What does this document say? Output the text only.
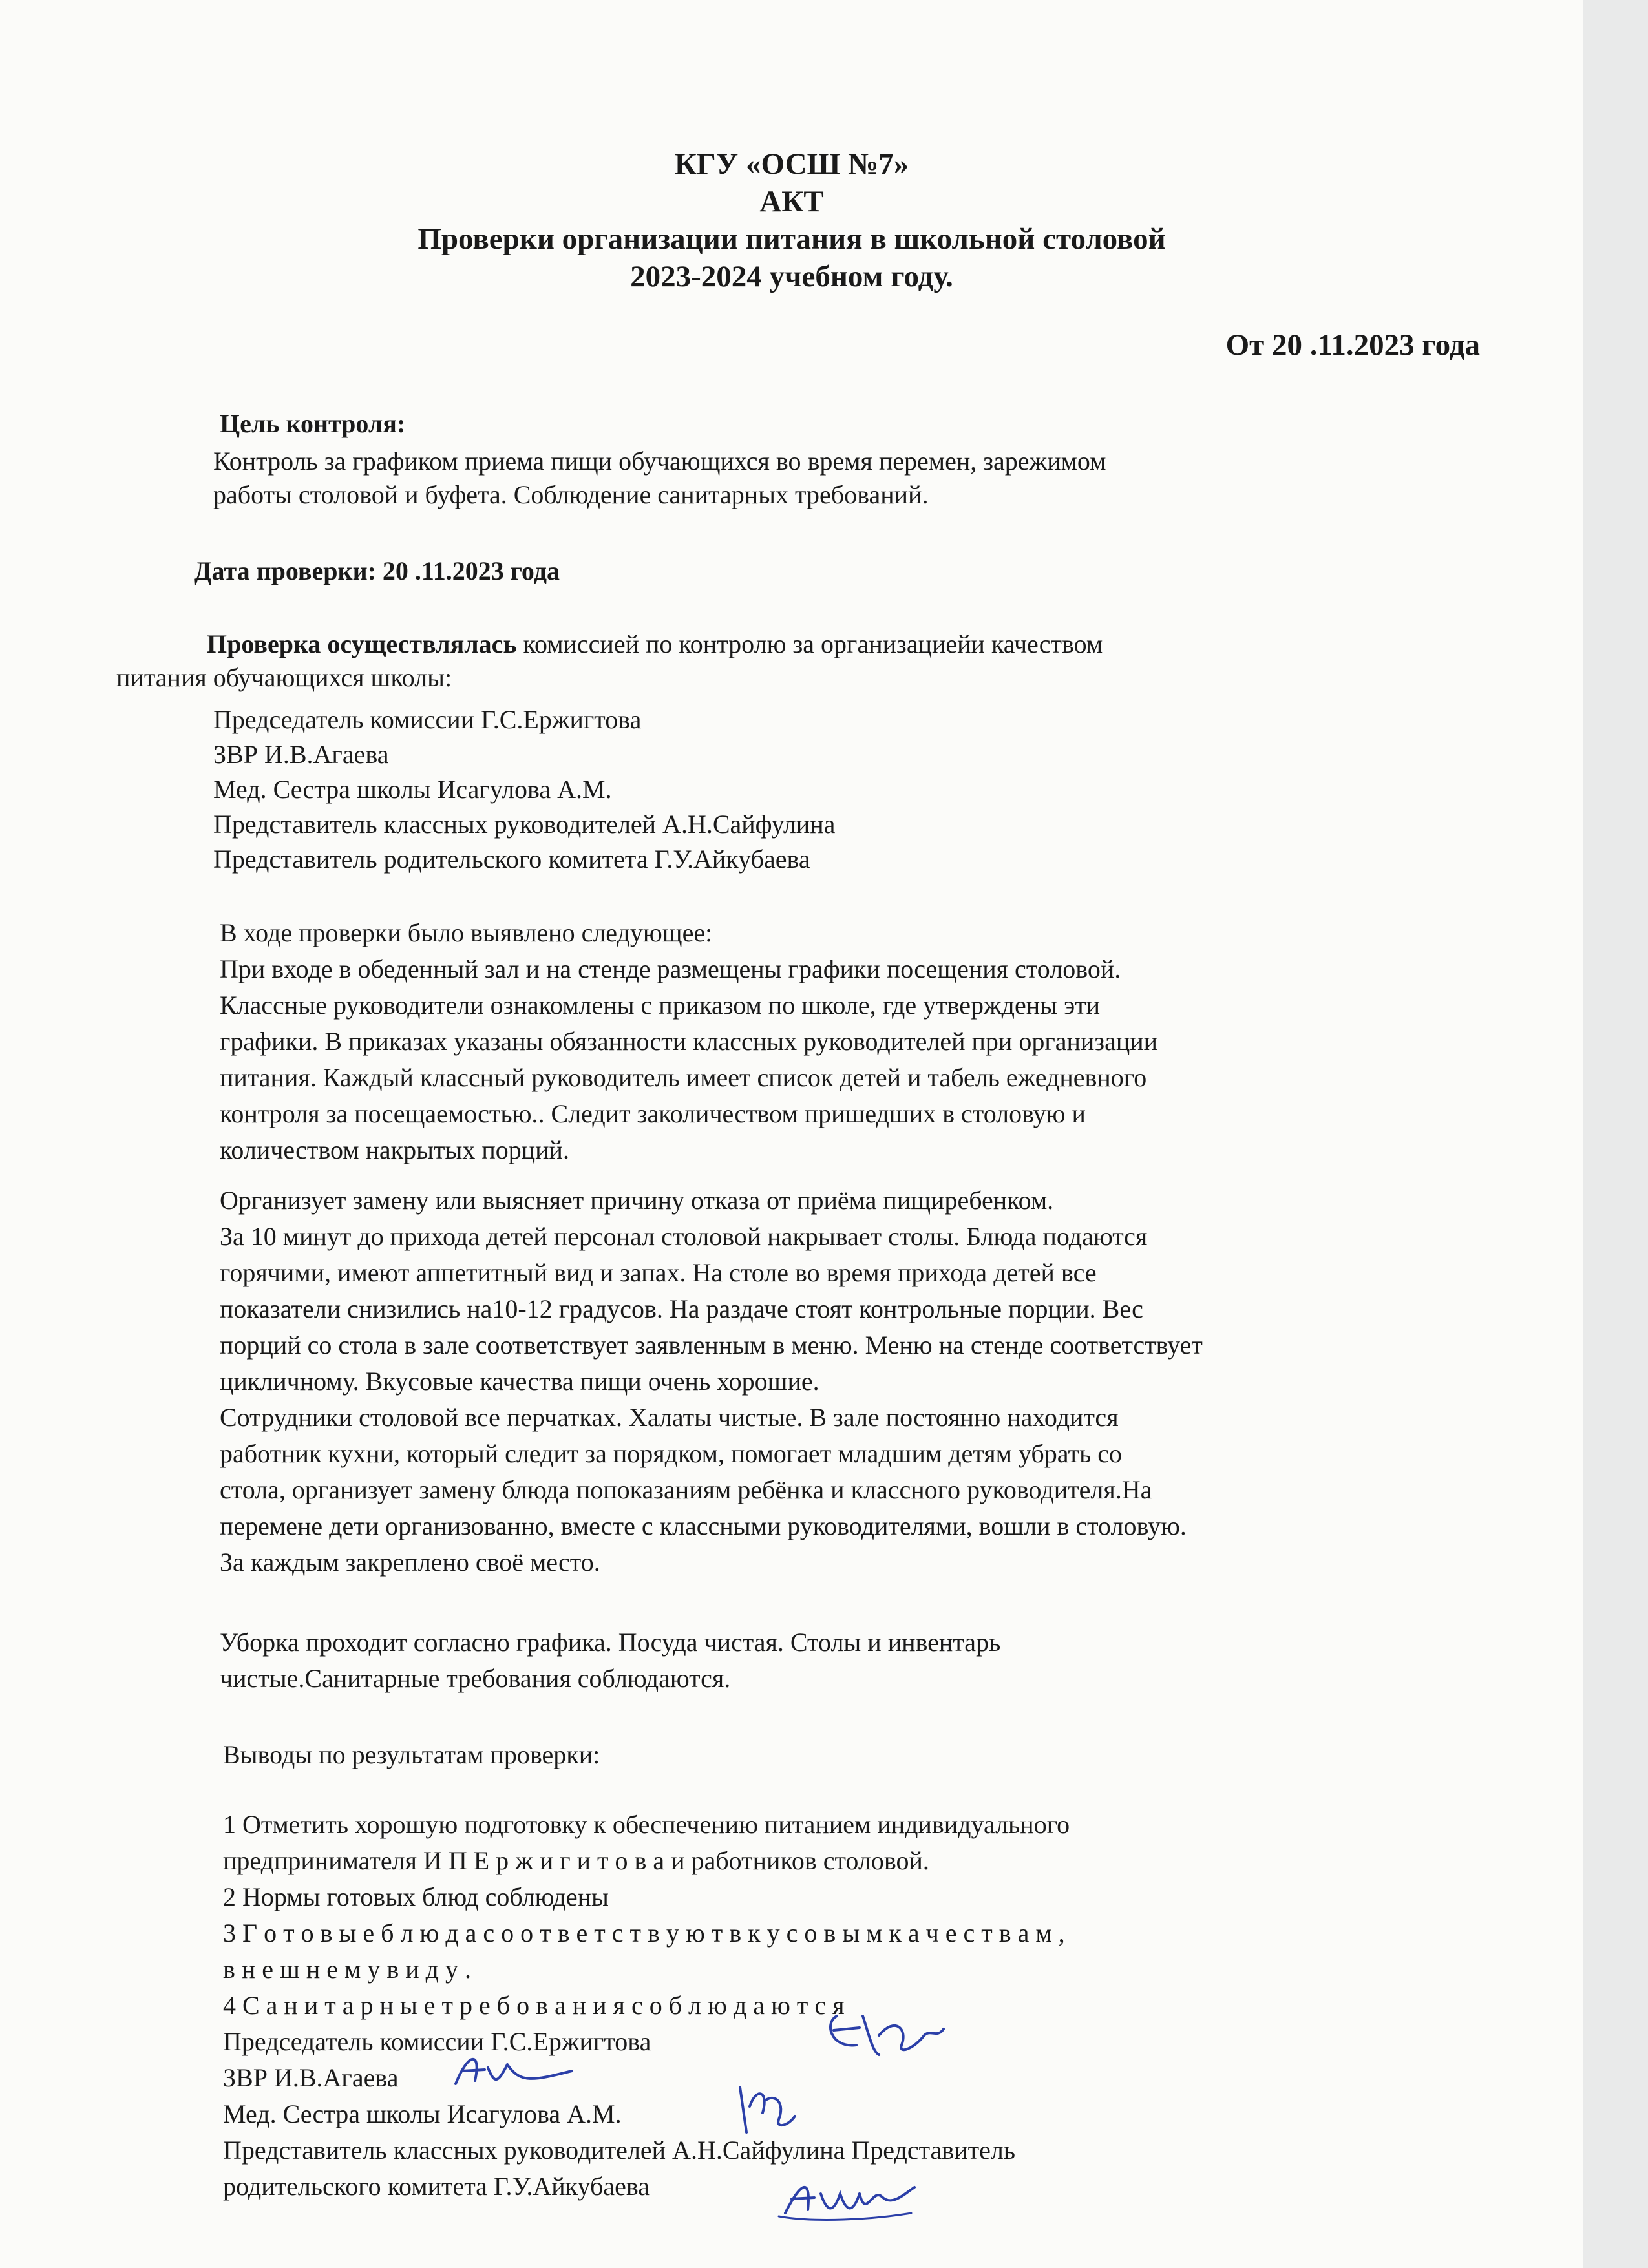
КГУ «ОСШ №7»

АКТ

Проверки организации питания в школьной столовой

2023-2024 учебном году.

От 20 .11.2023 года
Цель контроля:
Контроль за графиком приема пищи обучающихся во время перемен, зарежимом
работы столовой и буфета. Соблюдение санитарных требований.
Дата проверки: 20 .11.2023 года
Проверка осуществлялась комиссией по контролю за организациейи качеством
питания обучающихся школы:
Председатель комиссии Г.С.Ержигтова
ЗВР И.В.Агаева
Мед. Сестра школы Исагулова А.М.
Представитель классных руководителей А.Н.Сайфулина
Представитель родительского комитета Г.У.Айкубаева
В ходе проверки было выявлено следующее:
При входе в обеденный зал и на стенде размещены графики посещения столовой.
Классные руководители ознакомлены с приказом по школе, где утверждены эти
графики. В приказах указаны обязанности классных руководителей при организации
питания. Каждый классный руководитель имеет список детей и табель ежедневного
контроля за посещаемостью.. Следит заколичеством пришедших в столовую и
количеством накрытых порций.
Организует замену или выясняет причину отказа от приёма пищиребенком.
За 10 минут до прихода детей персонал столовой накрывает столы. Блюда подаются
горячими, имеют аппетитный вид и запах. На столе во время прихода детей все
показатели снизились на10-12 градусов. На раздаче стоят контрольные порции. Вес
порций со стола в зале соответствует заявленным в меню. Меню на стенде соответствует
цикличному. Вкусовые качества пищи очень хорошие.
Сотрудники столовой все перчатках. Халаты чистые. В зале постоянно находится
работник кухни, который следит за порядком, помогает младшим детям убрать со
стола, организует замену блюда попоказаниям ребёнка и классного руководителя.На
перемене дети организованно, вместе с классными руководителями, вошли в столовую.
За каждым закреплено своё место.
Уборка проходит согласно графика. Посуда чистая. Столы и инвентарь
чистые.Санитарные требования соблюдаются.
Выводы по результатам проверки:
1 Отметить хорошую подготовку к обеспечению питанием индивидуального
предпринимателя И П Е р ж и г и т о в а и работников столовой.
2 Нормы готовых блюд соблюдены
3 Г о т о в ы е б л ю д а с о о т в е т с т в у ю т в к у с о в ы м к а ч е с т в а м ,
в н е ш н е м у в и д у .
4 С а н и т а р н ы е т р е б о в а н и я с о б л ю д а ю т с я
Председатель комиссии Г.С.Ержигтова
ЗВР И.В.Агаева
Мед. Сестра школы Исагулова А.М.
Представитель классных руководителей А.Н.Сайфулина Представитель
родительского комитета Г.У.Айкубаева
